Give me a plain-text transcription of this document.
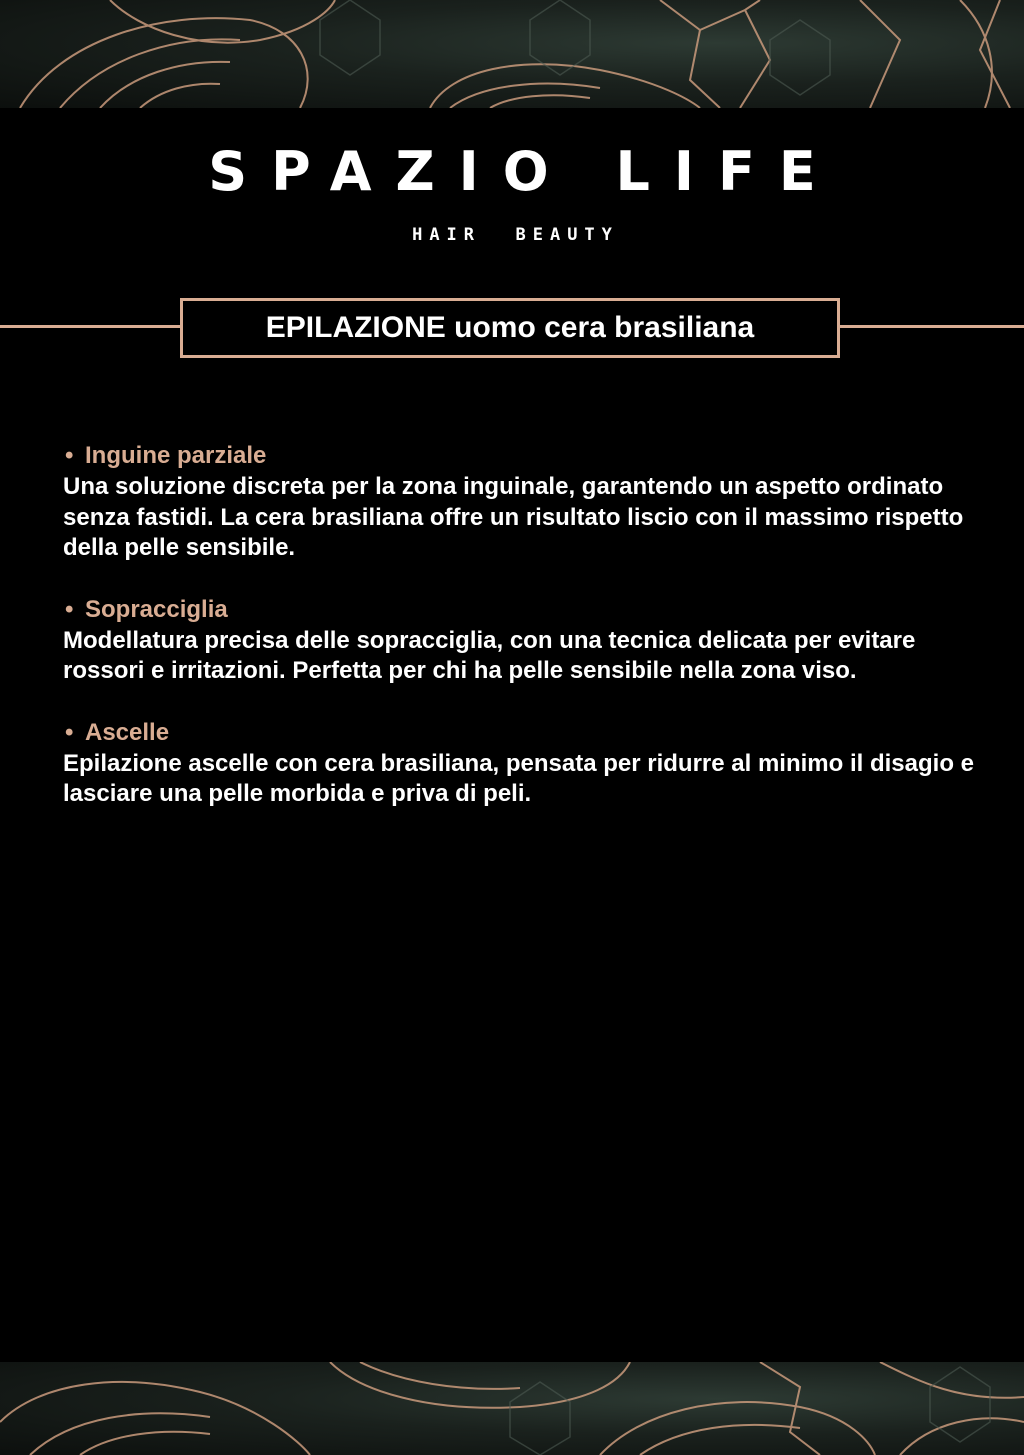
SPAZIO LIFE
HAIR  BEAUTY
EPILAZIONE uomo cera brasiliana
• Inguine parziale
Una soluzione discreta per la zona inguinale, garantendo un aspetto ordinato senza fastidi. La cera brasiliana offre un risultato liscio con il massimo rispetto della pelle sensibile.
• Sopracciglia
Modellatura precisa delle sopracciglia, con una tecnica delicata per evitare rossori e irritazioni. Perfetta per chi ha pelle sensibile nella zona viso.
• Ascelle
Epilazione ascelle con cera brasiliana, pensata per ridurre al minimo il disagio e lasciare una pelle morbida e priva di peli.
